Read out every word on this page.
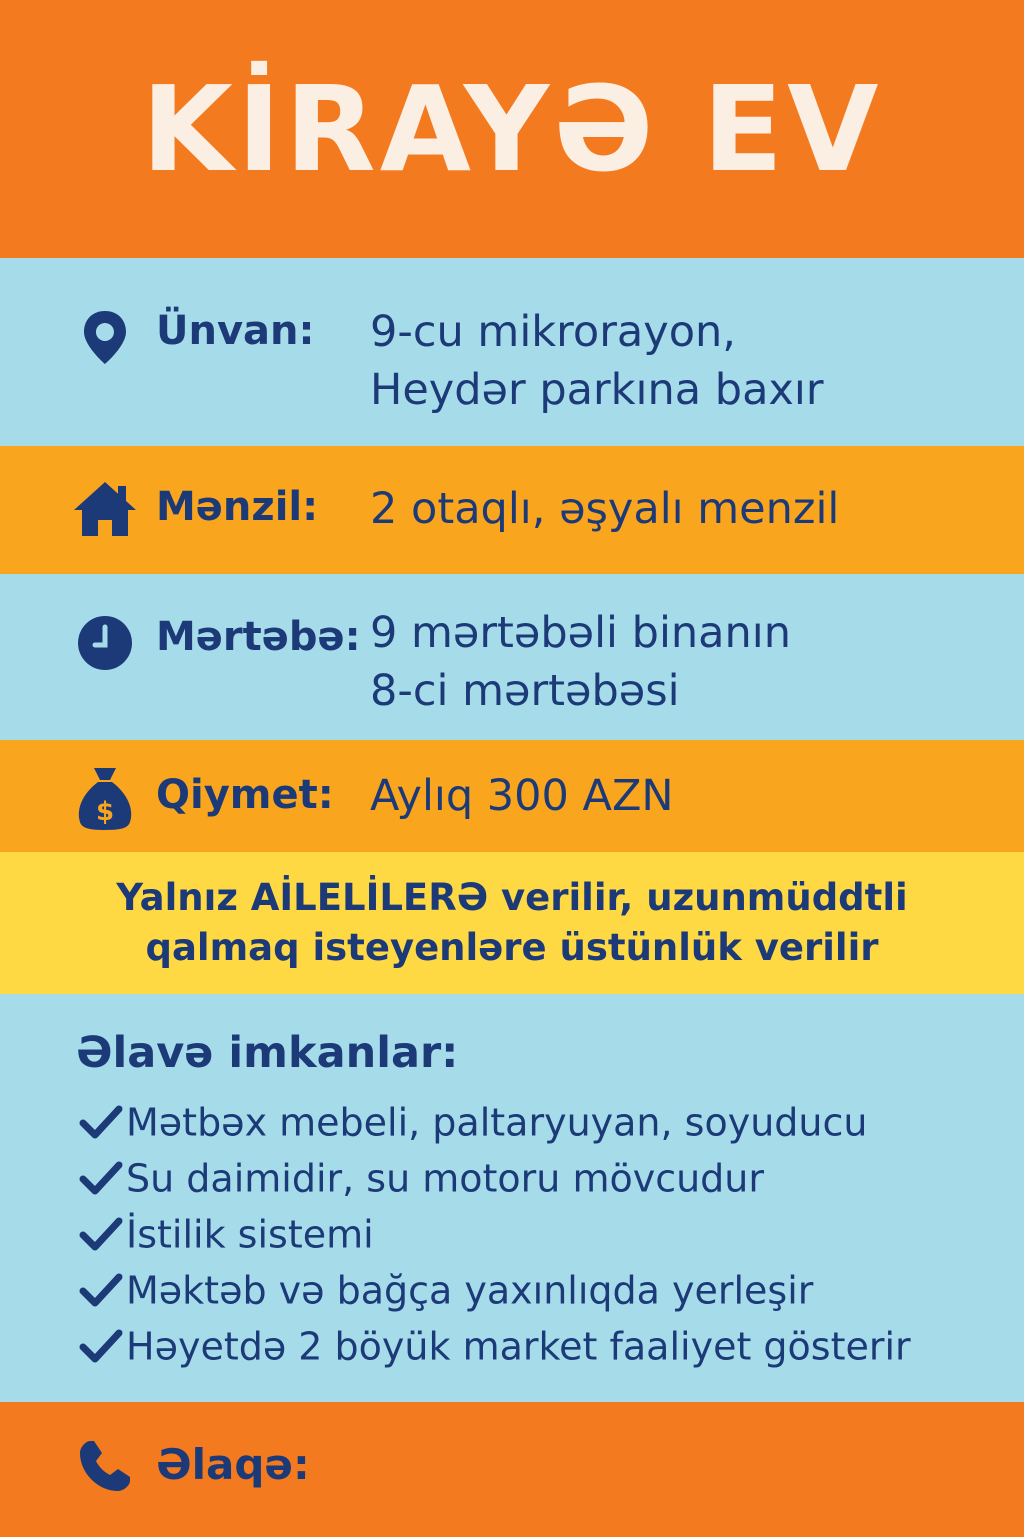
KİRAYƏ EV
Ünvan: 9-cu mikrorayon,
Heydər parkına baxır
Mənzil: 2 otaqlı, əşyalı menzil
Mərtəbə: 9 mərtəbəli binanın
8-ci mərtəbəsi
$ Qiymet: Aylıq 300 AZN
Yalnız AİLELİLERƏ verilir, uzunmüddtli
qalmaq isteyenlәre üstünlük verilir
Əlavə imkanlar:
Mətbəx mebeli, paltaryuyan, soyuducu
Su daimidir, su motoru mövcudur
İstilik sistemi
Məktəb və bağça yaxınlıqda yerleşir
Həyetdə 2 böyük market faaliyet gösterir
Əlaqə:
